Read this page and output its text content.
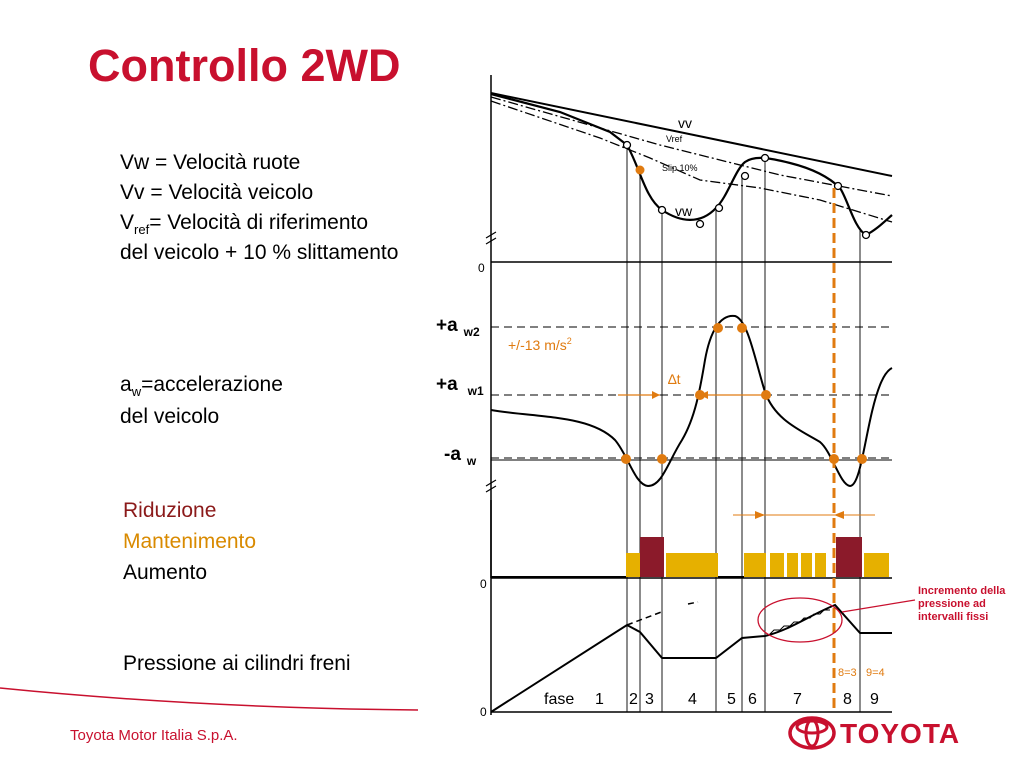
Controllo 2WD
Vw = Velocità ruote
Vv = Velocità veicolo
$V_{ref}=$ Velocità di riferimento
del veicolo + 10 % slittamento
$a_w=accelerazione$
del veicolo
Riduzione
Mantenimento
Aumento
Pressione ai cilindri freni
vv
Vref
Slip 10%
vw
0
+a $_{w2}$
+a $_{w1}$
-a $_w$
+/-13 $m/s^2$
∆t
0
0
Incremento della pressione ad intervalli fissi
8=3 9=4
fase 1 2 3 4 5 6 7	8 9
Toyota Motor Italia S.p.A.	TOYOTA
